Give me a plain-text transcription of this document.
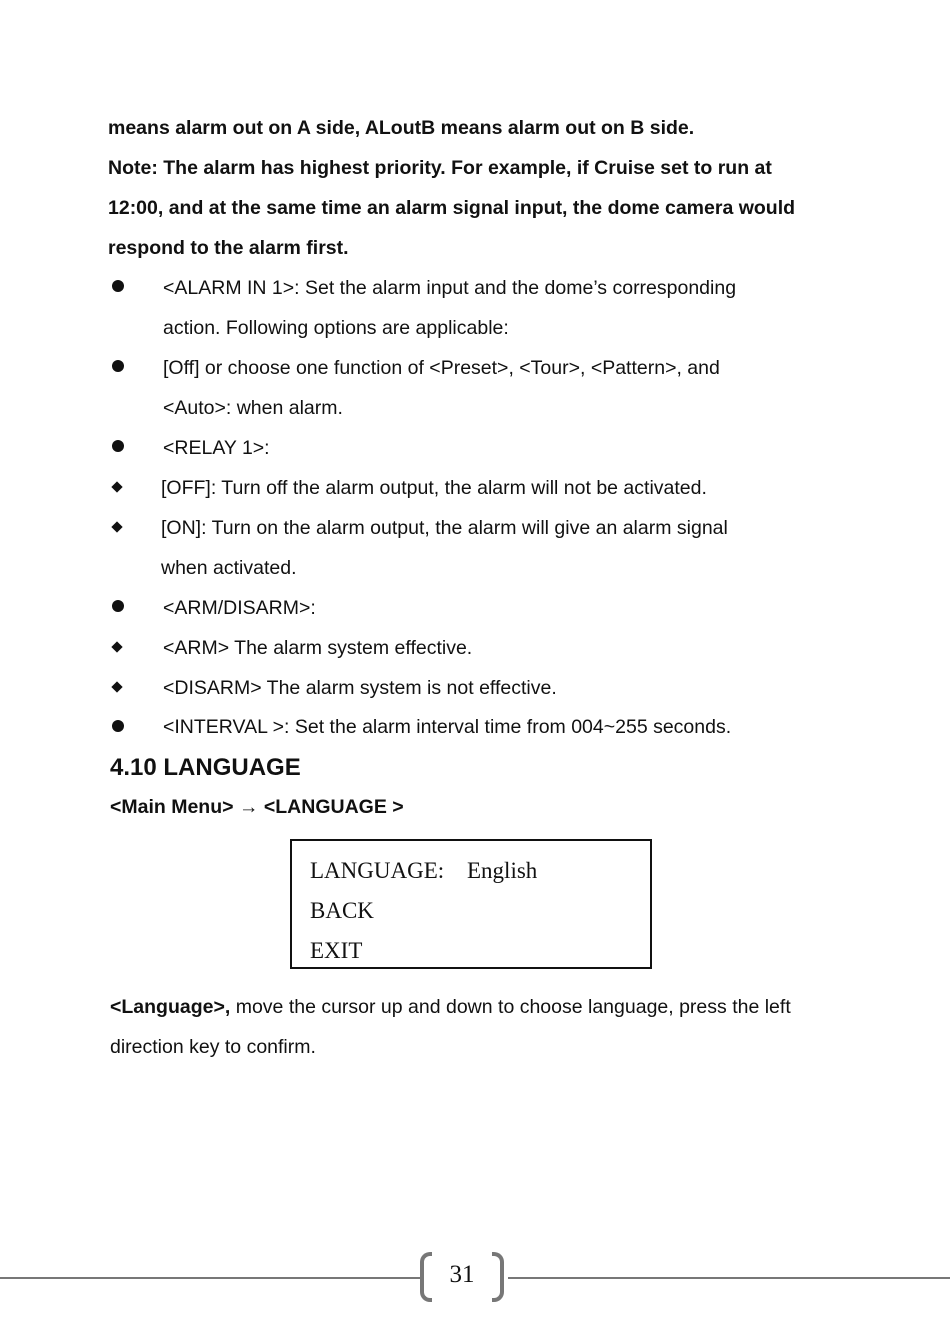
means alarm out on A side, ALoutB means alarm out on B side.
Note: The alarm has highest priority. For example, if Cruise set to run at
12:00, and at the same time an alarm signal input, the dome camera would
respond to the alarm first.
<ALARM IN 1>: Set the alarm input and the dome’s corresponding
action. Following options are applicable:
[Off] or choose one function of <Preset>, <Tour>, <Pattern>, and
<Auto>: when alarm.
<RELAY 1>:
[OFF]: Turn off the alarm output, the alarm will not be activated.
[ON]: Turn on the alarm output, the alarm will give an alarm signal
when activated.
<ARM/DISARM>:
<ARM> The alarm system effective.
<DISARM> The alarm system is not effective.
<INTERVAL >: Set the alarm interval time from 004~255 seconds.
4.10 LANGUAGE
<Main Menu> → <LANGUAGE >
LANGUAGE: English
BACK
EXIT
<Language>, move the cursor up and down to choose language, press the left
direction key to confirm.
31
